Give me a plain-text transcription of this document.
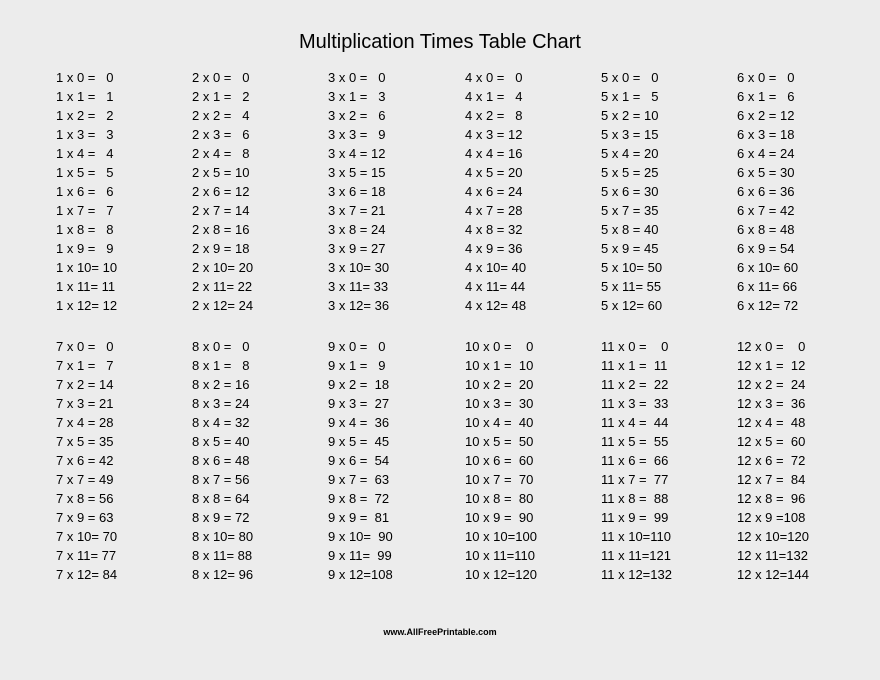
Multiplication Times Table Chart
1 x 0 =   0
1 x 1 =   1
1 x 2 =   2
1 x 3 =   3
1 x 4 =   4
1 x 5 =   5
1 x 6 =   6
1 x 7 =   7
1 x 8 =   8
1 x 9 =   9
1 x 10= 10
1 x 11= 11
1 x 12= 12
2 x 0 =   0
2 x 1 =   2
2 x 2 =   4
2 x 3 =   6
2 x 4 =   8
2 x 5 = 10
2 x 6 = 12
2 x 7 = 14
2 x 8 = 16
2 x 9 = 18
2 x 10= 20
2 x 11= 22
2 x 12= 24
3 x 0 =   0
3 x 1 =   3
3 x 2 =   6
3 x 3 =   9
3 x 4 = 12
3 x 5 = 15
3 x 6 = 18
3 x 7 = 21
3 x 8 = 24
3 x 9 = 27
3 x 10= 30
3 x 11= 33
3 x 12= 36
4 x 0 =   0
4 x 1 =   4
4 x 2 =   8
4 x 3 = 12
4 x 4 = 16
4 x 5 = 20
4 x 6 = 24
4 x 7 = 28
4 x 8 = 32
4 x 9 = 36
4 x 10= 40
4 x 11= 44
4 x 12= 48
5 x 0 =   0
5 x 1 =   5
5 x 2 = 10
5 x 3 = 15
5 x 4 = 20
5 x 5 = 25
5 x 6 = 30
5 x 7 = 35
5 x 8 = 40
5 x 9 = 45
5 x 10= 50
5 x 11= 55
5 x 12= 60
6 x 0 =   0
6 x 1 =   6
6 x 2 = 12
6 x 3 = 18
6 x 4 = 24
6 x 5 = 30
6 x 6 = 36
6 x 7 = 42
6 x 8 = 48
6 x 9 = 54
6 x 10= 60
6 x 11= 66
6 x 12= 72
7 x 0 =   0
7 x 1 =   7
7 x 2 = 14
7 x 3 = 21
7 x 4 = 28
7 x 5 = 35
7 x 6 = 42
7 x 7 = 49
7 x 8 = 56
7 x 9 = 63
7 x 10= 70
7 x 11= 77
7 x 12= 84
8 x 0 =   0
8 x 1 =   8
8 x 2 = 16
8 x 3 = 24
8 x 4 = 32
8 x 5 = 40
8 x 6 = 48
8 x 7 = 56
8 x 8 = 64
8 x 9 = 72
8 x 10= 80
8 x 11= 88
8 x 12= 96
9 x 0 =   0
9 x 1 =   9
9 x 2 =  18
9 x 3 =  27
9 x 4 =  36
9 x 5 =  45
9 x 6 =  54
9 x 7 =  63
9 x 8 =  72
9 x 9 =  81
9 x 10=  90
9 x 11=  99
9 x 12=108
10 x 0 =    0
10 x 1 =  10
10 x 2 =  20
10 x 3 =  30
10 x 4 =  40
10 x 5 =  50
10 x 6 =  60
10 x 7 =  70
10 x 8 =  80
10 x 9 =  90
10 x 10=100
10 x 11=110
10 x 12=120
11 x 0 =    0
11 x 1 =  11
11 x 2 =  22
11 x 3 =  33
11 x 4 =  44
11 x 5 =  55
11 x 6 =  66
11 x 7 =  77
11 x 8 =  88
11 x 9 =  99
11 x 10=110
11 x 11=121
11 x 12=132
12 x 0 =    0
12 x 1 =  12
12 x 2 =  24
12 x 3 =  36
12 x 4 =  48
12 x 5 =  60
12 x 6 =  72
12 x 7 =  84
12 x 8 =  96
12 x 9 =108
12 x 10=120
12 x 11=132
12 x 12=144
www.AllFreePrintable.com
